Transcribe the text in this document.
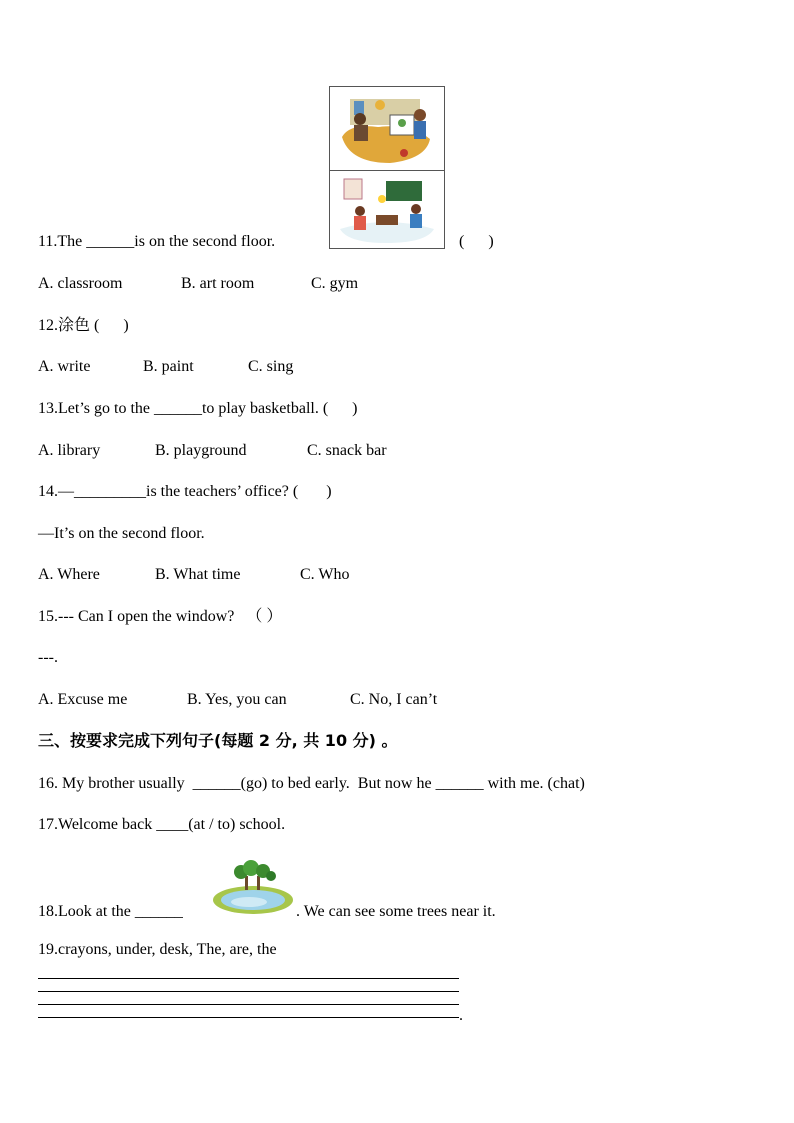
11.The ______is on the second floor.	(      )
A. classroom	B. art room	C. gym
12.涂色 (      )
A. write	B. paint	C. sing
13.Let’s go to the ______to play basketball. (      )
A. library	B. playground	C. snack bar
14.—_________is the teachers’ office? (       )
—It’s on the second floor.
A. Where	B. What time	C. Who
15.--- Can I open the window?   （ ）
---.
A. Excuse me	B. Yes, you can	C. No, I can’t
三、按要求完成下列句子(每题 2 分, 共 10 分) 。
16. My brother usually  ______(go) to bed early.  But now he ______ with me. (chat)
17.Welcome back ____(at / to) school.
18.Look at the ______	. We can see some trees near it.
19.crayons, under, desk, The, are, the
.
